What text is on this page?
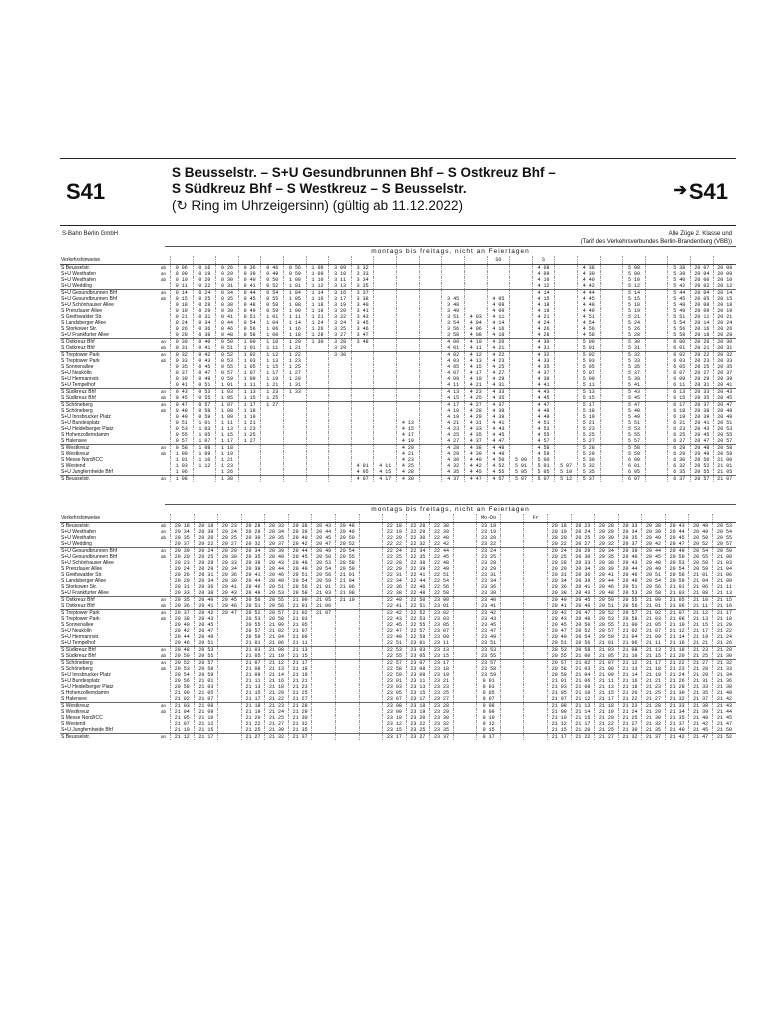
S41
S Beusselstr. – S+U Gesundbrunnen Bhf – S Ostkreuz Bhf –
S Südkreuz Bhf – S Westkreuz – S Beusselstr.
(↻ Ring im Uhrzeigersinn) (gültig ab 11.12.2022)
➔S41
S-Bahn Berlin GmbH	Alle Züge 2. Klasse und
(Tarif des Verkehrsverbundes Berlin-Brandenburg (VBB))
montags bis freitags, nicht an Feiertagen
Verkehrshinweise																SO		S								
S Beusselstr.	ab	0 06	0 16	0 26	0 36	0 46	0 56	1 06	3 09	3 32								4 08		4 38		5 08		5 38	20 07	20 08
S+U Westhafen	an	0 09	0 19	0 29	0 39	0 49	0 59	1 09	3 10	3 33								4 09		4 39		5 09		5 39	20 04	20 09
S+U Westhafen	ab	0 10	0 20	0 30	0 40	0 50	1 00	1 10	3 11	3 34								4 10		4 40		5 10		5 40	20 00	20 10
S+U Wedding		0 11	0 22	0 31	0 41	0 52	1 01	1 12	3 13	3 35								4 12		4 42		5 12		5 42	20 02	20 12
S+U Gesundbrunnen Bhf	an	0 14	0 24	0 34	0 44	0 54	1 04	1 14	3 16	3 37								4 14		4 44		5 14		5 44	20 04	20 14
S+U Gesundbrunnen Bhf	ab	0 15	0 25	0 35	0 45	0 55	1 05	1 16	3 17	3 38				3 45		4 05		4 15		4 45		5 15		5 45	20 05	20 15
S+U Schönhauser Allee		0 18	0 28	0 38	0 48	0 58	1 08	1 18	3 19	3 40				3 48		4 08		4 18		4 48		5 18		5 48	20 08	20 18
S Prenzlauer Allee		0 19	0 29	0 39	0 49	0 59	1 09	1 19	3 20	3 41				3 49		4 09		4 19		4 49		5 19		5 49	20 09	20 19
S Greifswalder Str.		0 21	0 31	0 41	0 51	1 01	1 11	1 21	3 22	3 43				3 51	4 03	4 11		4 21		4 51		5 21		5 51	20 11	20 21
S Landsberger Allee		0 24	0 34	0 44	0 54	1 04	1 14	1 24	3 24	3 45				3 54	4 04	4 14		4 24		4 54		5 24		5 54	20 14	20 24
S Storkower Str.		0 26	0 36	0 46	0 56	1 06	1 16	1 26	3 25	3 46				3 56	4 06	4 16		4 26		4 56		5 26		5 56	20 16	20 26
S+U Frankfurter Allee		0 28	0 38	0 48	0 58	1 08	1 18	1 28	3 27	3 47				3 58	4 08	4 18		4 28		4 58		5 28		5 58	20 18	20 28
S Ostkreuz Bhf	an	0 30	0 40	0 50	1 00	1 10	1 20	1 30	3 28	3 48				4 00	4 10	4 20		4 30		5 00		5 30		6 00	20 20	20 30
S Ostkreuz Bhf	ab	0 31	0 41	0 51	1 01	1 11	1 21		3 29					4 01	4 11	4 21		4 31		5 01		5 31		6 01	20 21	20 31
S Treptower Park	an	0 32	0 42	0 52	1 02	1 12	1 22		3 30					4 02	4 12	4 22		4 32		5 02		5 32		6 02	20 22	20 32
S Treptower Park	ab	0 33	0 43	0 53	1 03	1 13	1 23							4 03	4 13	4 23		4 33		5 03		5 33		6 03	20 23	20 33
S Sonnenallee		0 35	0 45	0 55	1 05	1 15	1 25							4 05	4 15	4 25		4 35		5 05		5 35		6 05	20 25	20 35
S+U Neukölln		0 37	0 47	0 57	1 07	1 17	1 27							4 07	4 17	4 27		4 37		5 07		5 37		6 07	20 27	20 37
S+U Hermannstr.		0 39	0 49	0 59	1 09	1 19	1 29							4 09	4 19	4 29		4 39		5 09		5 39		6 09	20 29	20 39
S+U Tempelhof		0 41	0 51	1 01	1 11	1 21	1 31							4 11	4 21	4 31		4 41		5 11		5 41		6 11	20 31	20 41
S Südkreuz Bhf	an	0 43	0 53	1 03	1 13	1 23	1 33							4 13	4 23	4 33		4 43		5 13		5 43		6 13	20 33	20 43
S Südkreuz Bhf	ab	0 45	0 55	1 05	1 15	1 25								4 15	4 25	4 35		4 45		5 15		5 45		6 15	20 35	20 45
S Schöneberg	an	0 47	0 57	1 07	1 17	1 27								4 17	4 27	4 37		4 47		5 17		5 47		6 17	20 37	20 47
S Schöneberg	ab	0 48	0 58	1 08	1 18									4 18	4 28	4 38		4 48		5 18		5 48		6 18	20 38	20 48
S+U Innsbrucker Platz		0 49	0 59	1 09	1 19									4 19	4 29	4 39		4 49		5 19		5 49		6 19	20 39	20 49
S+U Bundesplatz		0 51	1 01	1 11	1 21							4 13		4 21	4 31	4 41		4 51		5 21		5 51		6 21	20 41	20 51
S+U Heidelberger Platz		0 53	1 03	1 13	1 23							4 15		4 23	4 33	4 43		4 53		5 23		5 53		6 23	20 43	20 53
S Hohenzollerndamm		0 55	1 05	1 15	1 25							4 17		4 25	4 35	4 45		4 55		5 25		5 55		6 25	20 45	20 55
S Halensee		0 57	1 07	1 17	1 27							4 19		4 27	4 37	4 47		4 57		5 27		5 57		6 27	20 47	20 57
S Westkreuz	an	0 58	1 08	1 18								4 20		4 28	4 38	4 48		4 58		5 28		5 58		6 28	20 48	20 58
S Westkreuz	ab	1 00	1 09	1 19								4 21		4 29	4 39	4 49		4 59		5 29		5 59		6 29	20 49	20 59
S Messe Nord/ICC		1 01	1 10	1 21								4 23		4 30	4 40	4 50	5 00	5 00		5 30		6 00		6 30	20 50	21 00
S Westend		1 03	1 12	1 23						4 01	4 11	4 25		4 32	4 42	4 52	5 01	5 01	5 07	5 32		6 01		6 32	20 52	21 01
S+U Jungfernheide Bhf		1 06		1 26						4 05	4 15	4 28		4 35	4 45	4 55	5 05	5 05	5 10	5 35		6 05		6 35	20 55	21 05
S Beusselstr.	an	1 08		1 30						4 07	4 17	4 30		4 37	4 47	4 57	5 07	5 07	5 12	5 37		6 07		6 37	20 57	21 07
montags bis freitags, nicht an Feiertagen
Verkehrshinweise															Mo-Do		Fr								
S Beusselstr.	ab	20 18	20 18	20 23	20 28	20 33	20 38	20 43	20 48		22 18	22 28	22 38		23 18			20 18	20 23	20 28	20 33	20 38	20 43	20 48	20 53
S+U Westhafen	an	20 34	20 39	20 24	20 29	20 34	20 39	20 44	20 49		22 19	22 29	22 39		23 19			20 19	20 24	20 29	20 34	20 39	20 44	20 49	20 54
S+U Westhafen	ab	20 35	20 20	20 25	20 30	20 35	20 40	20 45	20 50		22 20	22 30	22 40		23 20			20 20	20 25	20 30	20 35	20 40	20 45	20 50	20 55
S+U Wedding		20 37	20 22	20 27	20 32	20 37	20 42	20 47	20 52		22 22	22 32	22 42		23 22			20 22	20 27	20 32	20 37	20 42	20 47	20 52	20 57
S+U Gesundbrunnen Bhf	an	20 39	20 24	20 29	20 34	20 39	20 44	20 49	20 54		22 24	22 34	22 44		23 24			20 24	20 29	20 34	20 39	20 44	20 49	20 54	20 59
S+U Gesundbrunnen Bhf	ab	20 20	20 25	20 30	20 35	20 40	20 45	20 50	20 55		22 25	22 35	22 45		23 25			20 25	20 30	20 35	20 40	20 45	20 50	20 55	21 00
S+U Schönhauser Allee		20 23	20 28	20 33	20 38	20 43	20 48	20 53	20 58		22 28	22 38	22 48		23 28			20 28	20 33	20 38	20 43	20 48	20 53	20 58	21 03
S Prenzlauer Allee		20 24	20 29	20 34	20 39	20 44	20 49	20 54	20 59		22 29	22 39	22 49		23 29			20 29	20 34	20 39	20 44	20 49	20 54	20 59	21 04
S Greifswalder Str.		20 26	20 31	20 36	20 41	20 46	20 51	20 56	21 01		22 31	22 41	22 51		23 31			20 31	20 36	20 41	20 46	20 51	20 56	21 01	21 06
S Landsberger Allee		20 29	20 34	20 39	20 44	20 49	20 54	20 59	21 04		22 34	22 44	22 54		23 34			20 34	20 39	20 44	20 49	20 54	20 59	21 04	21 09
S Storkower Str.		20 31	20 36	20 41	20 46	20 51	20 56	21 01	21 06		22 36	22 46	22 56		23 36			20 36	20 41	20 46	20 51	20 56	21 01	21 06	21 11
S+U Frankfurter Allee		20 33	20 38	20 43	20 48	20 53	20 58	21 03	21 08		22 38	22 48	22 58		23 38			20 38	20 43	20 48	20 53	20 58	21 03	21 08	21 13
S Ostkreuz Bhf	an	20 35	20 40	20 45	20 50	20 55	21 00	21 05	21 10		22 40	22 50	23 00		23 40			20 40	20 45	20 50	20 55	21 00	21 05	21 10	21 15
S Ostkreuz Bhf	ab	20 36	20 41	20 46	20 51	20 56	21 01	21 06			22 41	22 51	23 01		23 41			20 41	20 46	20 51	20 56	21 01	21 06	21 11	21 16
S Treptower Park	an	20 37	20 42	20 47	20 52	20 57	21 02	21 07			22 42	22 52	23 02		23 42			20 42	20 47	20 52	20 57	21 02	21 07	21 12	21 17
S Treptower Park	ab	20 38	20 43		20 53	20 58	21 03				22 43	22 53	23 03		23 43			20 43	20 48	20 53	20 58	21 03	21 08	21 13	21 18
S Sonnenallee		20 40	20 45		20 55	21 00	21 05				22 45	22 55	23 05		23 45			20 45	20 50	20 55	21 00	21 05	21 10	21 15	21 20
S+U Neukölln		20 42	20 47		20 57	21 02	21 07				22 47	22 57	23 07		23 47			20 47	20 52	20 57	21 02	21 07	21 12	21 17	21 22
S+U Hermannstr.		20 44	20 49		20 59	21 04	21 09				22 49	22 59	23 09		23 49			20 49	20 54	20 59	21 04	21 09	21 14	21 19	21 24
S+U Tempelhof		20 46	20 51		21 01	21 06	21 11				22 51	23 01	23 11		23 51			20 51	20 56	21 01	21 06	21 11	21 16	21 21	21 26
S Südkreuz Bhf	an	20 48	20 53		21 03	21 08	21 13				22 53	23 03	23 13		23 53			20 53	20 58	21 03	21 08	21 13	21 18	21 23	21 28
S Südkreuz Bhf	ab	20 50	20 55		21 05	21 10	21 15				22 55	23 05	23 15		23 55			20 55	21 00	21 05	21 10	21 15	21 20	21 25	21 30
S Schöneberg	an	20 52	20 57		21 07	21 12	21 17				22 57	23 07	23 17		23 57			20 57	21 02	21 07	21 12	21 17	21 22	21 27	21 32
S Schöneberg	ab	20 53	20 58		21 08	21 13	21 18				22 58	23 08	23 18		23 58			20 58	21 03	21 08	21 13	21 18	21 23	21 28	21 33
S+U Innsbrucker Platz		20 54	20 59		21 09	21 14	21 19				22 59	23 09	23 19		23 59			20 59	21 04	21 09	21 14	21 19	21 24	21 29	21 34
S+U Bundesplatz		20 56	21 01		21 11	21 16	21 21				23 01	23 11	23 21		0 01			21 01	21 06	21 11	21 16	21 21	21 26	21 31	21 36
S+U Heidelberger Platz		20 58	21 03		21 13	21 18	21 23				23 03	23 13	23 23		0 03			21 03	21 08	21 13	21 18	21 23	21 28	21 33	21 38
S Hohenzollerndamm		21 00	21 05		21 15	21 20	21 25				23 05	23 15	23 25		0 05			21 05	21 10	21 15	21 20	21 25	21 30	21 35	21 40
S Halensee		21 02	21 07		21 17	21 22	21 27				23 07	23 17	23 27		0 07			21 07	21 12	21 17	21 22	21 27	21 32	21 37	21 42
S Westkreuz	an	21 03	21 08		21 18	21 23	21 28				23 08	23 18	23 28		0 08			21 08	21 13	21 18	21 23	21 28	21 33	21 38	21 43
S Westkreuz	ab	21 04	21 09		21 19	21 24	21 29				23 09	23 19	23 29		0 09			21 09	21 14	21 19	21 24	21 29	21 34	21 39	21 44
S Messe Nord/ICC		21 05	21 10		21 20	21 25	21 30				23 10	23 20	23 30		0 10			21 10	21 15	21 20	21 25	21 30	21 35	21 40	21 45
S Westend		21 07	21 12		21 22	21 27	21 32				23 12	23 22	23 32		0 12			21 12	21 17	21 22	21 27	21 32	21 37	21 42	21 47
S+U Jungfernheide Bhf		21 10	21 15		21 25	21 30	21 35				23 15	23 25	23 35		0 15			21 15	21 20	21 25	21 30	21 35	21 40	21 45	21 50
S Beusselstr.	an	21 12	21 17		21 27	21 32	21 37				23 17	23 27	23 37		0 17			21 17	21 22	21 27	21 32	21 37	21 42	21 47	21 52
